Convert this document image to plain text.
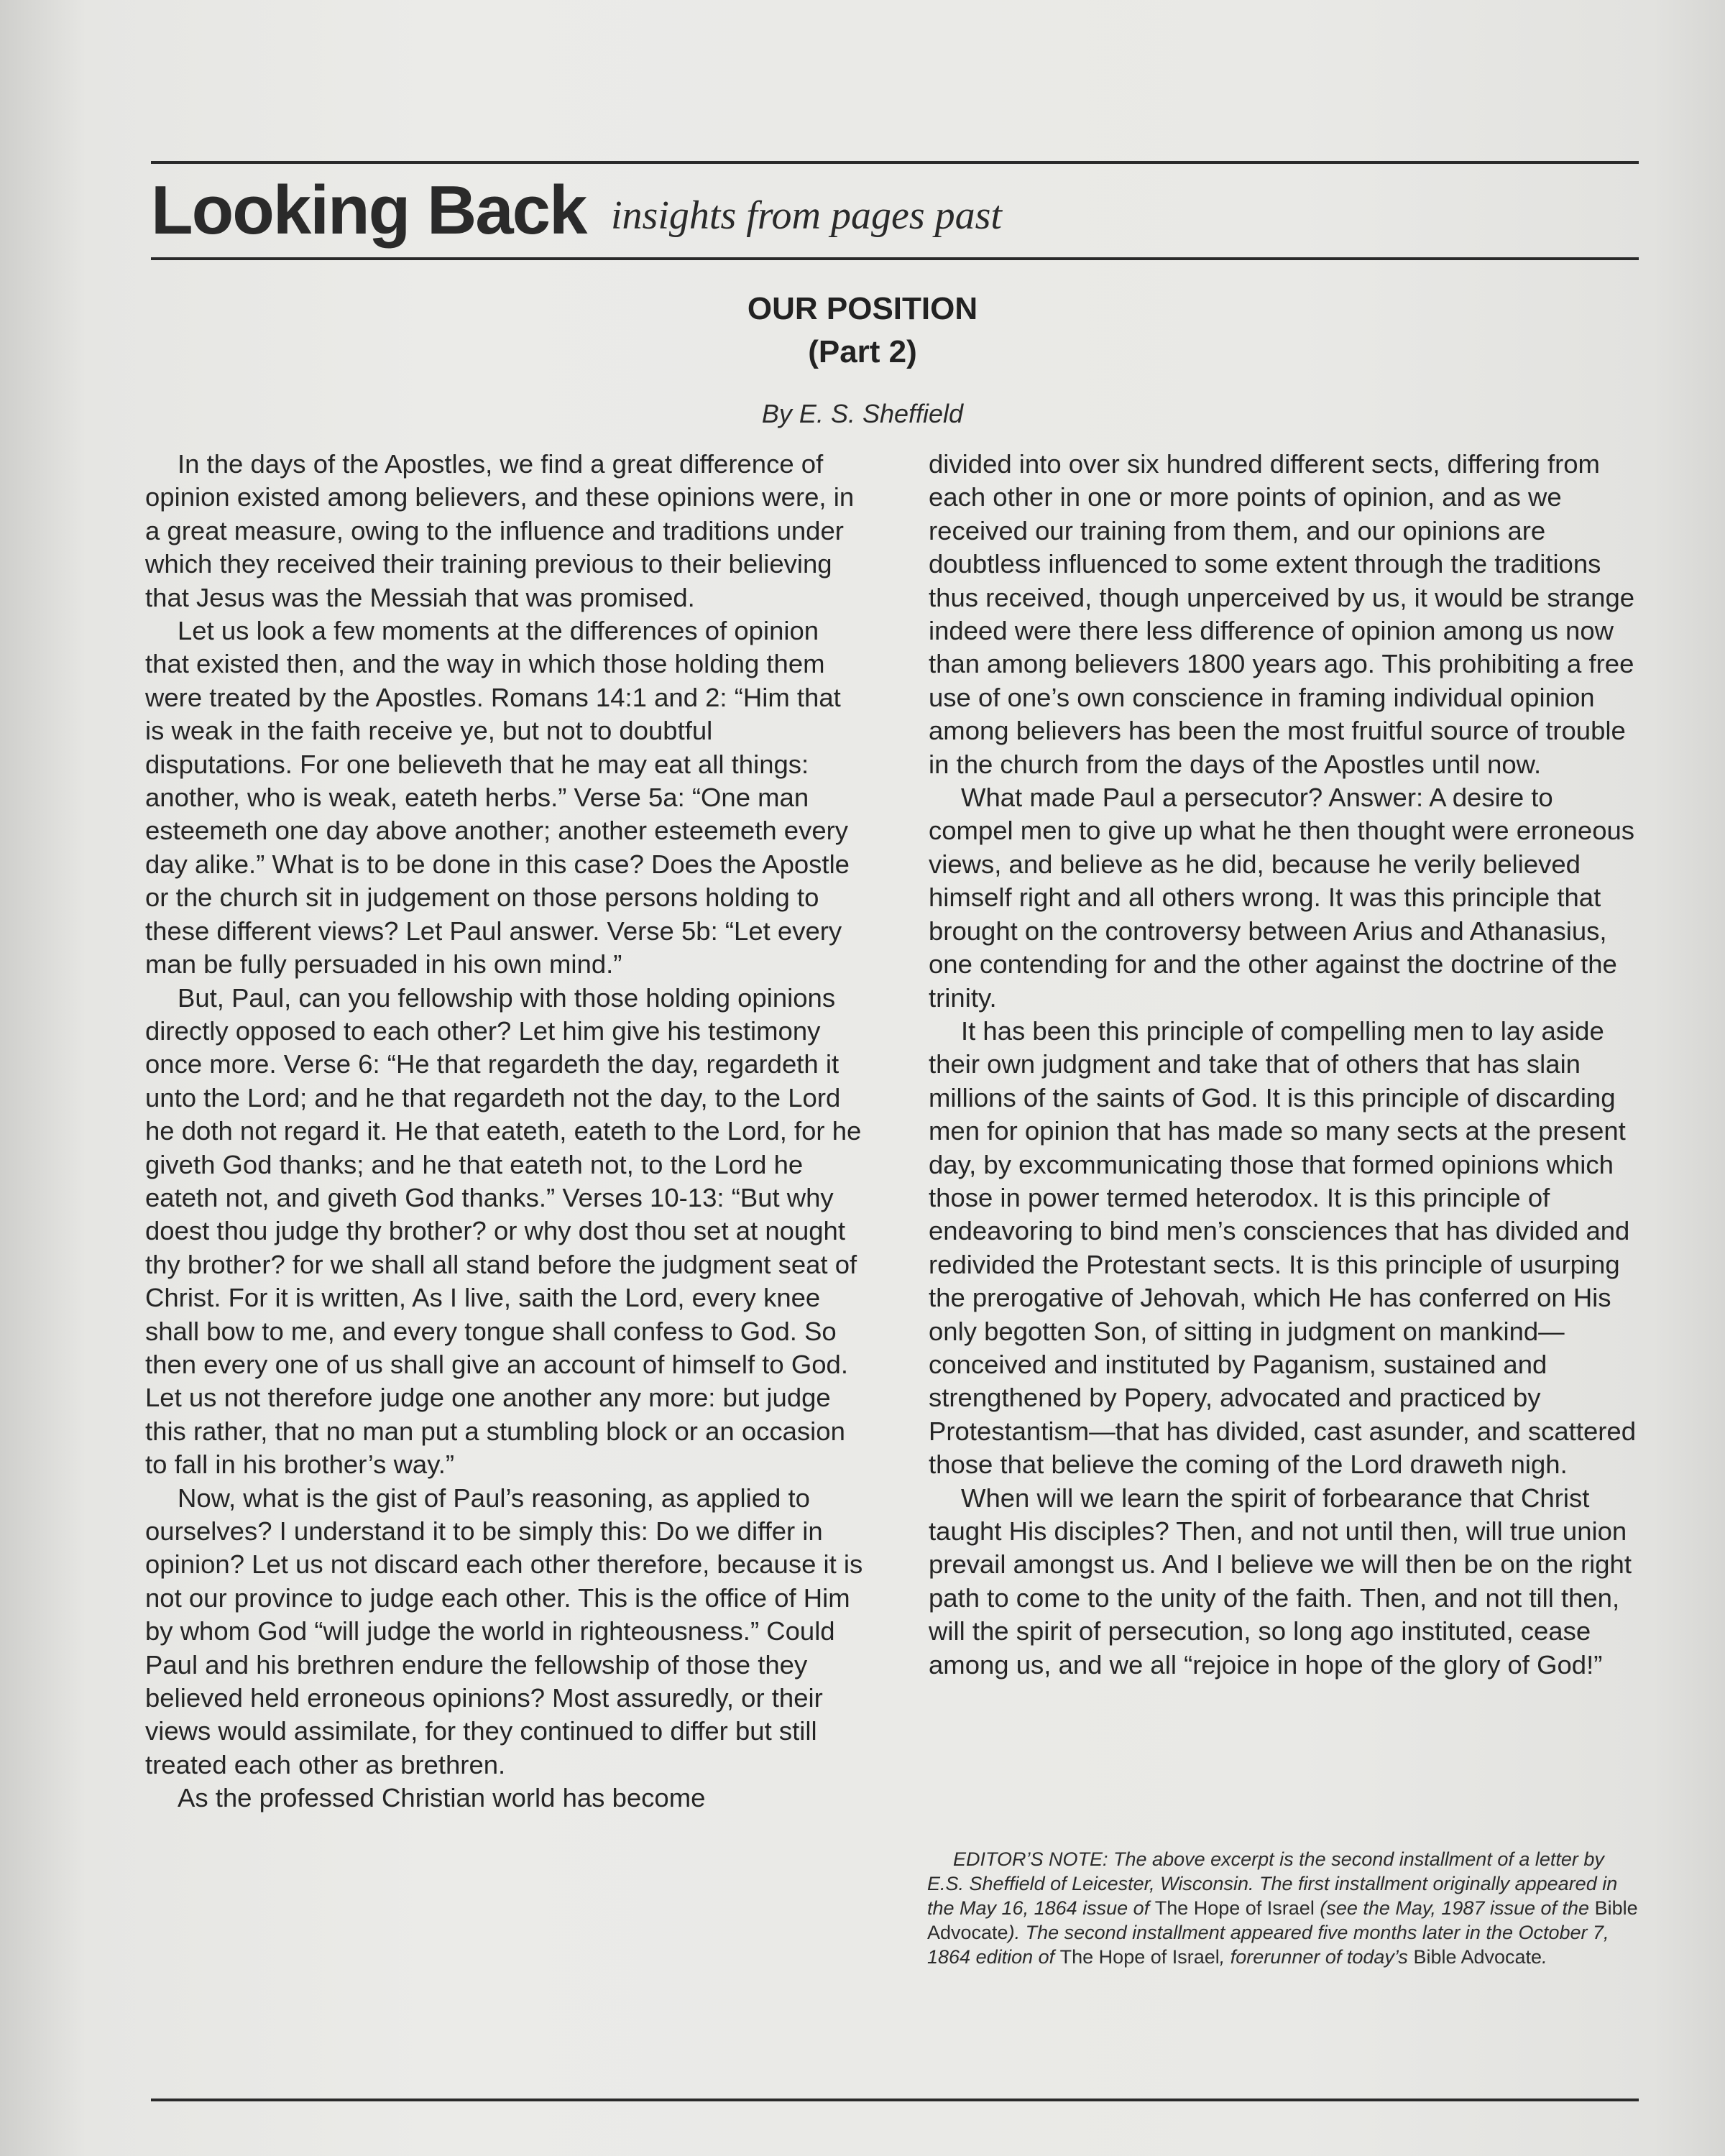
Looking Back insights from pages past
OUR POSITION
(Part 2)
By E. S. Sheffield

In the days of the Apostles, we find a great difference of opinion existed among believers, and these opinions were, in a great measure, owing to the influence and traditions under which they received their training previous to their believing that Jesus was the Messiah that was promised.

Let us look a few moments at the differences of opinion that existed then, and the way in which those holding them were treated by the Apostles. Romans 14:1 and 2: “Him that is weak in the faith receive ye, but not to doubtful disputations. For one believeth that he may eat all things: another, who is weak, eateth herbs.” Verse 5a: “One man esteemeth one day above another; another esteemeth every day alike.” What is to be done in this case? Does the Apostle or the church sit in judgement on those persons holding to these different views? Let Paul answer. Verse 5b: “Let every man be fully persuaded in his own mind.”

But, Paul, can you fellowship with those holding opinions directly opposed to each other? Let him give his testimony once more. Verse 6: “He that regardeth the day, regardeth it unto the Lord; and he that regardeth not the day, to the Lord he doth not regard it. He that eateth, eateth to the Lord, for he giveth God thanks; and he that eateth not, to the Lord he eateth not, and giveth God thanks.” Verses 10-13: “But why doest thou judge thy brother? or why dost thou set at nought thy brother? for we shall all stand before the judgment seat of Christ. For it is written, As I live, saith the Lord, every knee shall bow to me, and every tongue shall confess to God. So then every one of us shall give an account of himself to God. Let us not therefore judge one another any more: but judge this rather, that no man put a stumbling block or an occasion to fall in his brother’s way.”

Now, what is the gist of Paul’s reasoning, as applied to ourselves? I understand it to be simply this: Do we differ in opinion? Let us not discard each other therefore, because it is not our province to judge each other. This is the office of Him by whom God “will judge the world in righteousness.” Could Paul and his brethren endure the fellowship of those they believed held erroneous opinions? Most assuredly, or their views would assimilate, for they continued to differ but still treated each other as brethren.

As the professed Christian world has become

divided into over six hundred different sects, differing from each other in one or more points of opinion, and as we received our training from them, and our opinions are doubtless influenced to some extent through the traditions thus received, though unperceived by us, it would be strange indeed were there less difference of opinion among us now than among believers 1800 years ago. This prohibiting a free use of one’s own conscience in framing individual opinion among believers has been the most fruitful source of trouble in the church from the days of the Apostles until now.

What made Paul a persecutor? Answer: A desire to compel men to give up what he then thought were erroneous views, and believe as he did, because he verily believed himself right and all others wrong. It was this principle that brought on the controversy between Arius and Athanasius, one contending for and the other against the doctrine of the trinity.

It has been this principle of compelling men to lay aside their own judgment and take that of others that has slain millions of the saints of God. It is this principle of discarding men for opinion that has made so many sects at the present day, by excommunicating those that formed opinions which those in power termed heterodox. It is this principle of endeavoring to bind men’s consciences that has divided and redivided the Protestant sects. It is this principle of usurping the prerogative of Jehovah, which He has conferred on His only begotten Son, of sitting in judgment on mankind—conceived and instituted by Paganism, sustained and strengthened by Popery, advocated and practiced by Protestantism—that has divided, cast asunder, and scattered those that believe the coming of the Lord draweth nigh.

When will we learn the spirit of forbearance that Christ taught His disciples? Then, and not until then, will true union prevail amongst us. And I believe we will then be on the right path to come to the unity of the faith. Then, and not till then, will the spirit of persecution, so long ago instituted, cease among us, and we all “rejoice in hope of the glory of God!”

EDITOR’S NOTE: The above excerpt is the second installment of a letter by E.S. Sheffield of Leicester, Wisconsin. The first installment originally appeared in the May 16, 1864 issue of The Hope of Israel (see the May, 1987 issue of the Bible Advocate). The second installment appeared five months later in the October 7, 1864 edition of The Hope of Israel, forerunner of today’s Bible Advocate.
